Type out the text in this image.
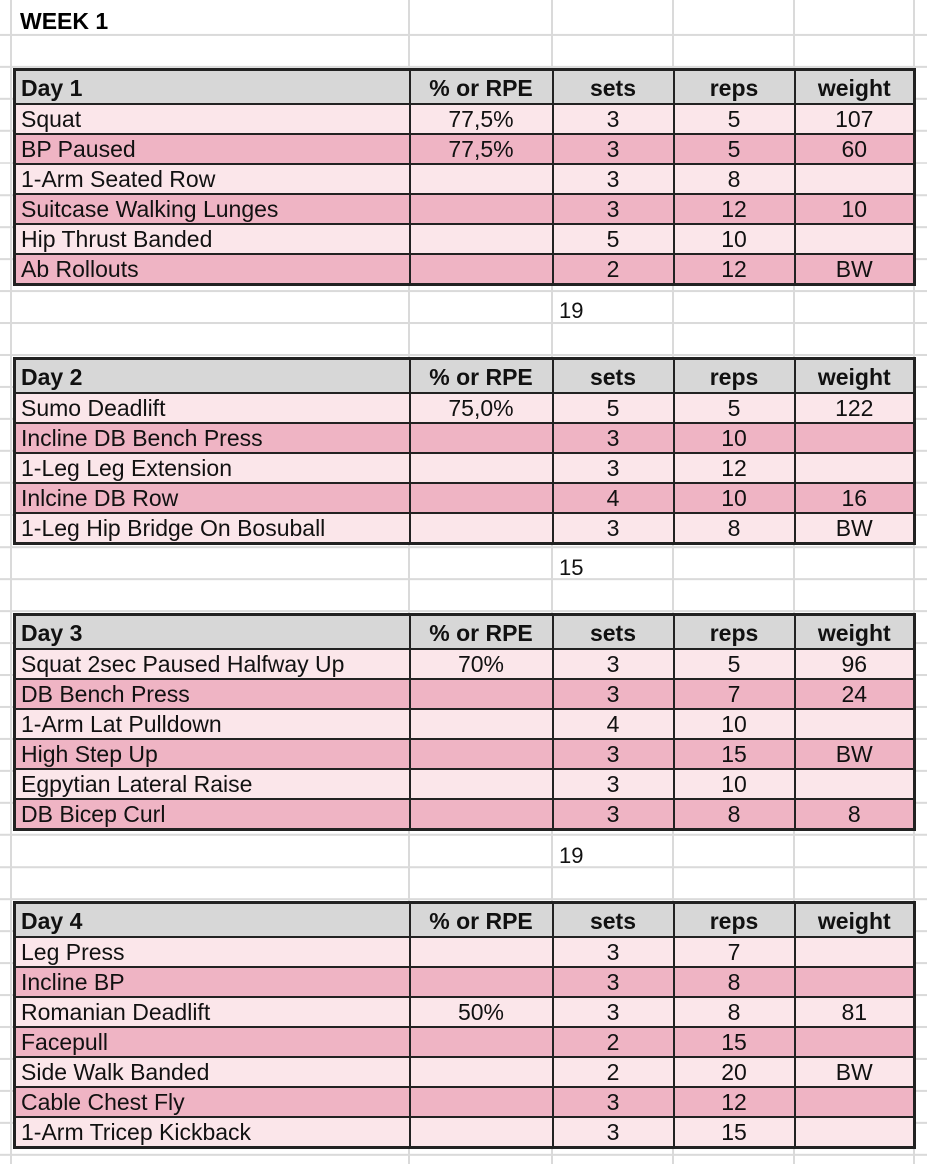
WEEK 1
Day 1	% or RPE	sets	reps	weight
Squat	77,5%	3	5	107
BP Paused	77,5%	3	5	60
1-Arm Seated Row		3	8	
Suitcase Walking Lunges		3	12	10
Hip Thrust Banded		5	10	
Ab Rollouts		2	12	BW
19
Day 2	% or RPE	sets	reps	weight
Sumo Deadlift	75,0%	5	5	122
Incline DB Bench Press		3	10	
1-Leg Leg Extension		3	12	
Inlcine DB Row		4	10	16
1-Leg Hip Bridge On Bosuball		3	8	BW
15
Day 3	% or RPE	sets	reps	weight
Squat 2sec Paused Halfway Up	70%	3	5	96
DB Bench Press		3	7	24
1-Arm Lat Pulldown		4	10	
High Step Up		3	15	BW
Egpytian Lateral Raise		3	10	
DB Bicep Curl		3	8	8
19
Day 4	% or RPE	sets	reps	weight
Leg Press		3	7	
Incline BP		3	8	
Romanian Deadlift	50%	3	8	81
Facepull		2	15	
Side Walk Banded		2	20	BW
Cable Chest Fly		3	12	
1-Arm Tricep Kickback		3	15	
